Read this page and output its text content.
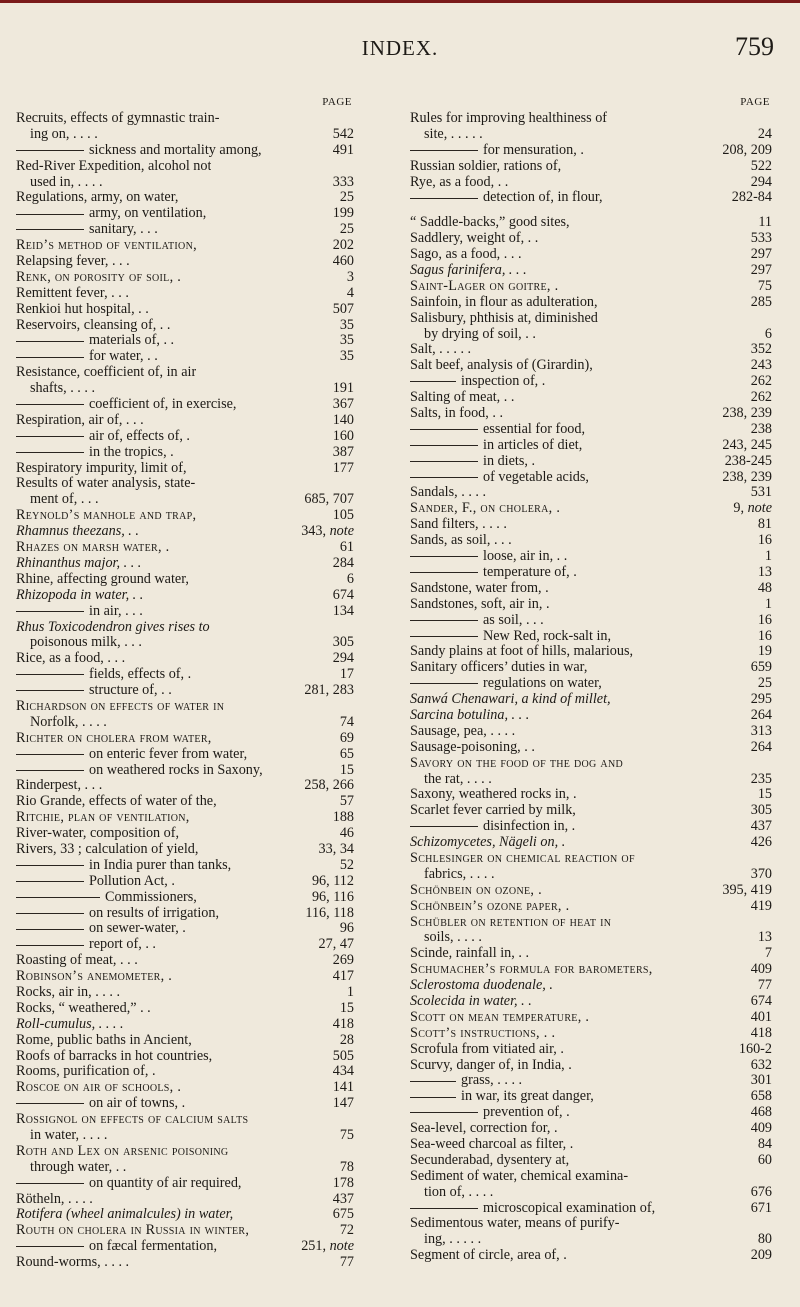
INDEX.	759
PAGE
Recruits, effects of gymnastic train-
ing on, . . . .	542
sickness and mortality among,	491
Red-River Expedition, alcohol not
used in, . . . .	333
Regulations, army, on water,	25
army, on ventilation,	199
sanitary, . . .	25
Reid’s method of ventilation,	202
Relapsing fever, . . .	460
Renk, on porosity of soil, .	3
Remittent fever, . . .	4
Renkioi hut hospital, . .	507
Reservoirs, cleansing of, . .	35
materials of, . .	35
for water, . .	35
Resistance, coefficient of, in air
shafts, . . . .	191
coefficient of, in exercise,	367
Respiration, air of, . . .	140
air of, effects of, .	160
in the tropics, .	387
Respiratory impurity, limit of,	177
Results of water analysis, state-
ment of, . . .	685, 707
Reynold’s manhole and trap,	105
Rhamnus theezans, . .	343, note
Rhazes on marsh water, .	61
Rhinanthus major, . . .	284
Rhine, affecting ground water,	6
Rhizopoda in water, . .	674
in air, . . .	134
Rhus Toxicodendron gives rises to
poisonous milk, . . .	305
Rice, as a food, . . .	294
fields, effects of, .	17
structure of, . .	281, 283
Richardson on effects of water in
Norfolk, . . . .	74
Richter on cholera from water,	69
on enteric fever from water,	65
on weathered rocks in Saxony,	15
Rinderpest, . . .	258, 266
Rio Grande, effects of water of the,	57
Ritchie, plan of ventilation,	188
River-water, composition of,	46
Rivers, 33 ; calculation of yield,	33, 34
in India purer than tanks,	52
Pollution Act, .	96, 112
Commissioners,	96, 116
on results of irrigation,	116, 118
on sewer-water, .	96
report of, . .	27, 47
Roasting of meat, . . .	269
Robinson’s anemometer, .	417
Rocks, air in, . . . .	1
Rocks, “ weathered,” . .	15
Roll-cumulus, . . . .	418
Rome, public baths in Ancient,	28
Roofs of barracks in hot countries,	505
Rooms, purification of, .	434
Roscoe on air of schools, .	141
on air of towns, .	147
Rossignol on effects of calcium salts
in water, . . . .	75
Roth and Lex on arsenic poisoning
through water, . .	78
on quantity of air required,	178
Rötheln, . . . .	437
Rotifera (wheel animalcules) in water,	675
Routh on cholera in Russia in winter,	72
on fæcal fermentation,	251, note
Round-worms, . . . .	77
PAGE
Rules for improving healthiness of
site, . . . . .	24
for mensuration, .	208, 209
Russian soldier, rations of,	522
Rye, as a food, . .	294
detection of, in flour,	282-84
“ Saddle-backs,” good sites,	11
Saddlery, weight of, . .	533
Sago, as a food, . . .	297
Sagus farinifera, . . .	297
Saint-Lager on goitre, .	75
Sainfoin, in flour as adulteration,	285
Salisbury, phthisis at, diminished
by drying of soil, . .	6
Salt, . . . . .	352
Salt beef, analysis of (Girardin),	243
inspection of, .	262
Salting of meat, . .	262
Salts, in food, . .	238, 239
essential for food,	238
in articles of diet,	243, 245
in diets, .	238-245
of vegetable acids,	238, 239
Sandals, . . . .	531
Sander, F., on cholera, .	9, note
Sand filters, . . . .	81
Sands, as soil, . . .	16
loose, air in, . .	1
temperature of, .	13
Sandstone, water from, .	48
Sandstones, soft, air in, .	1
as soil, . . .	16
New Red, rock-salt in,	16
Sandy plains at foot of hills, malarious,	19
Sanitary officers’ duties in war,	659
regulations on water,	25
Sanwá Chenawari, a kind of millet,	295
Sarcina botulina, . . .	264
Sausage, pea, . . . .	313
Sausage-poisoning, . .	264
Savory on the food of the dog and
the rat, . . . .	235
Saxony, weathered rocks in, .	15
Scarlet fever carried by milk,	305
disinfection in, .	437
Schizomycetes, Nägeli on, .	426
Schlesinger on chemical reaction of
fabrics, . . . .	370
Schönbein on ozone, .	395, 419
Schönbein’s ozone paper, .	419
Schübler on retention of heat in
soils, . . . .	13
Scinde, rainfall in, . .	7
Schumacher’s formula for barometers,	409
Sclerostoma duodenale, .	77
Scolecida in water, . .	674
Scott on mean temperature, .	401
Scott’s instructions, . .	418
Scrofula from vitiated air, .	160-2
Scurvy, danger of, in India, .	632
grass, . . . .	301
in war, its great danger,	658
prevention of, .	468
Sea-level, correction for, .	409
Sea-weed charcoal as filter, .	84
Secunderabad, dysentery at,	60
Sediment of water, chemical examina-
tion of, . . . .	676
microscopical examination of,	671
Sedimentous water, means of purify-
ing, . . . . .	80
Segment of circle, area of, .	209
